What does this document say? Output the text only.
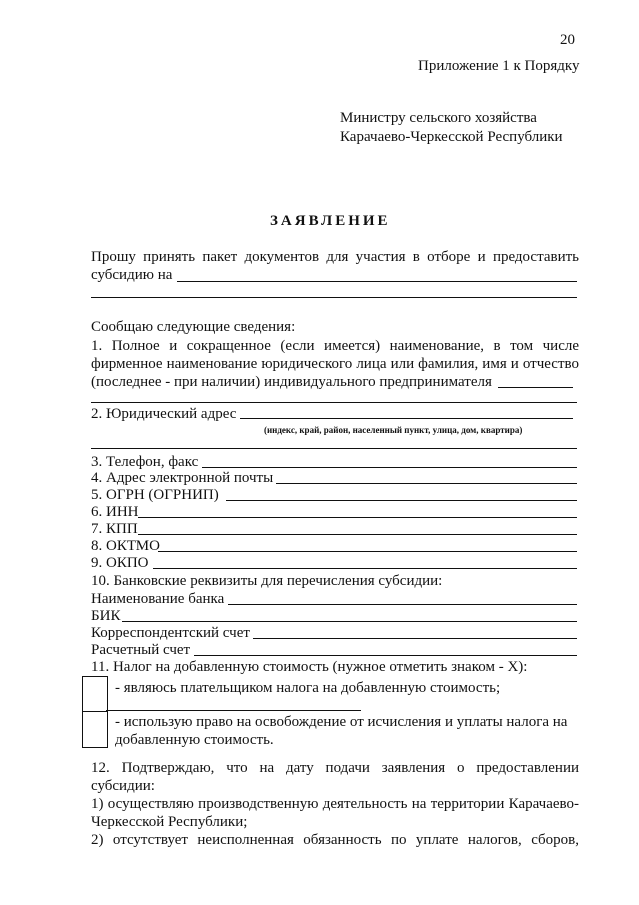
20
Приложение 1 к Порядку
Министру сельского хозяйства
Карачаево-Черкесской Республики
ЗАЯВЛЕНИЕ
Прошу принять пакет документов для участия в отборе и предоставить
субсидию на
Сообщаю следующие сведения:
1. Полное и сокращенное (если имеется) наименование, в том числе
фирменное наименование юридического лица или фамилия, имя и отчество
(последнее - при наличии) индивидуального предпринимателя
2. Юридический адрес
(индекс, край, район, населенный пункт, улица, дом, квартира)
3. Телефон, факс
4. Адрес электронной почты
5. ОГРН (ОГРНИП)
6. ИНН
7. КПП
8. ОКТМО
9. ОКПО
10. Банковские реквизиты для перечисления субсидии:
Наименование банка
БИК
Корреспондентский счет
Расчетный счет
11. Налог на добавленную стоимость (нужное отметить знаком - X):
- являюсь плательщиком налога на добавленную стоимость;
- использую право на освобождение от исчисления и уплаты налога на
добавленную стоимость.
12. Подтверждаю, что на дату подачи заявления о предоставлении
субсидии:
1) осуществляю производственную деятельность на территории Карачаево-
Черкесской Республики;
2) отсутствует неисполненная обязанность по уплате налогов, сборов,
